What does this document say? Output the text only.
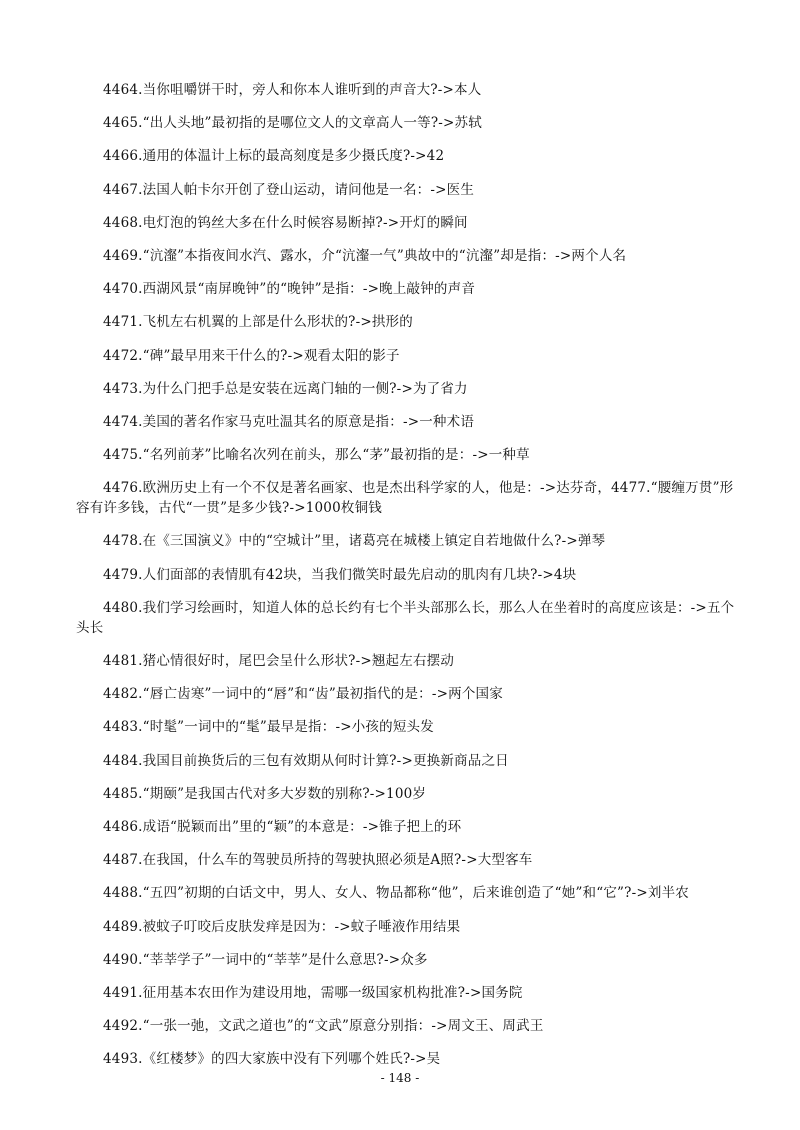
4464.当你咀嚼饼干时，旁人和你本人谁听到的声音大?->本人

4465.“出人头地”最初指的是哪位文人的文章高人一等?->苏轼

4466.通用的体温计上标的最高刻度是多少摄氏度?->42

4467.法国人帕卡尔开创了登山运动，请问他是一名：->医生

4468.电灯泡的钨丝大多在什么时候容易断掉?->开灯的瞬间

4469.“沆瀣”本指夜间水汽、露水，介“沆瀣一气”典故中的“沆瀣”却是指：->两个人名

4470.西湖风景“南屏晚钟”的“晚钟”是指：->晚上敲钟的声音

4471.飞机左右机翼的上部是什么形状的?->拱形的

4472.“碑”最早用来干什么的?->观看太阳的影子

4473.为什么门把手总是安装在远离门轴的一侧?->为了省力

4474.美国的著名作家马克吐温其名的原意是指：->一种术语

4475.“名列前茅”比喻名次列在前头，那么“茅”最初指的是：->一种草

4476.欧洲历史上有一个不仅是著名画家、也是杰出科学家的人，他是：->达芬奇，4477.“腰缠万贯”形容有许多钱，古代“一贯”是多少钱?->1000枚铜钱

4478.在《三国演义》中的“空城计”里，诸葛亮在城楼上镇定自若地做什么?->弹琴

4479.人们面部的表情肌有42块，当我们微笑时最先启动的肌肉有几块?->4块

4480.我们学习绘画时，知道人体的总长约有七个半头部那么长，那么人在坐着时的高度应该是：->五个头长

4481.猪心情很好时，尾巴会呈什么形状?->翘起左右摆动

4482.“唇亡齿寒”一词中的“唇”和“齿”最初指代的是：->两个国家

4483.“时髦”一词中的“髦”最早是指：->小孩的短头发

4484.我国目前换货后的三包有效期从何时计算?->更换新商品之日

4485.“期颐”是我国古代对多大岁数的别称?->100岁

4486.成语“脱颖而出”里的“颖”的本意是：->锥子把上的环

4487.在我国，什么车的驾驶员所持的驾驶执照必须是A照?->大型客车

4488.“五四”初期的白话文中，男人、女人、物品都称“他”，后来谁创造了“她”和“它”?->刘半农

4489.被蚊子叮咬后皮肤发痒是因为：->蚊子唾液作用结果

4490.“莘莘学子”一词中的“莘莘”是什么意思?->众多

4491.征用基本农田作为建设用地，需哪一级国家机构批准?->国务院

4492.“一张一弛，文武之道也”的“文武”原意分别指：->周文王、周武王

4493.《红楼梦》的四大家族中没有下列哪个姓氏?->吴

- 148 -
